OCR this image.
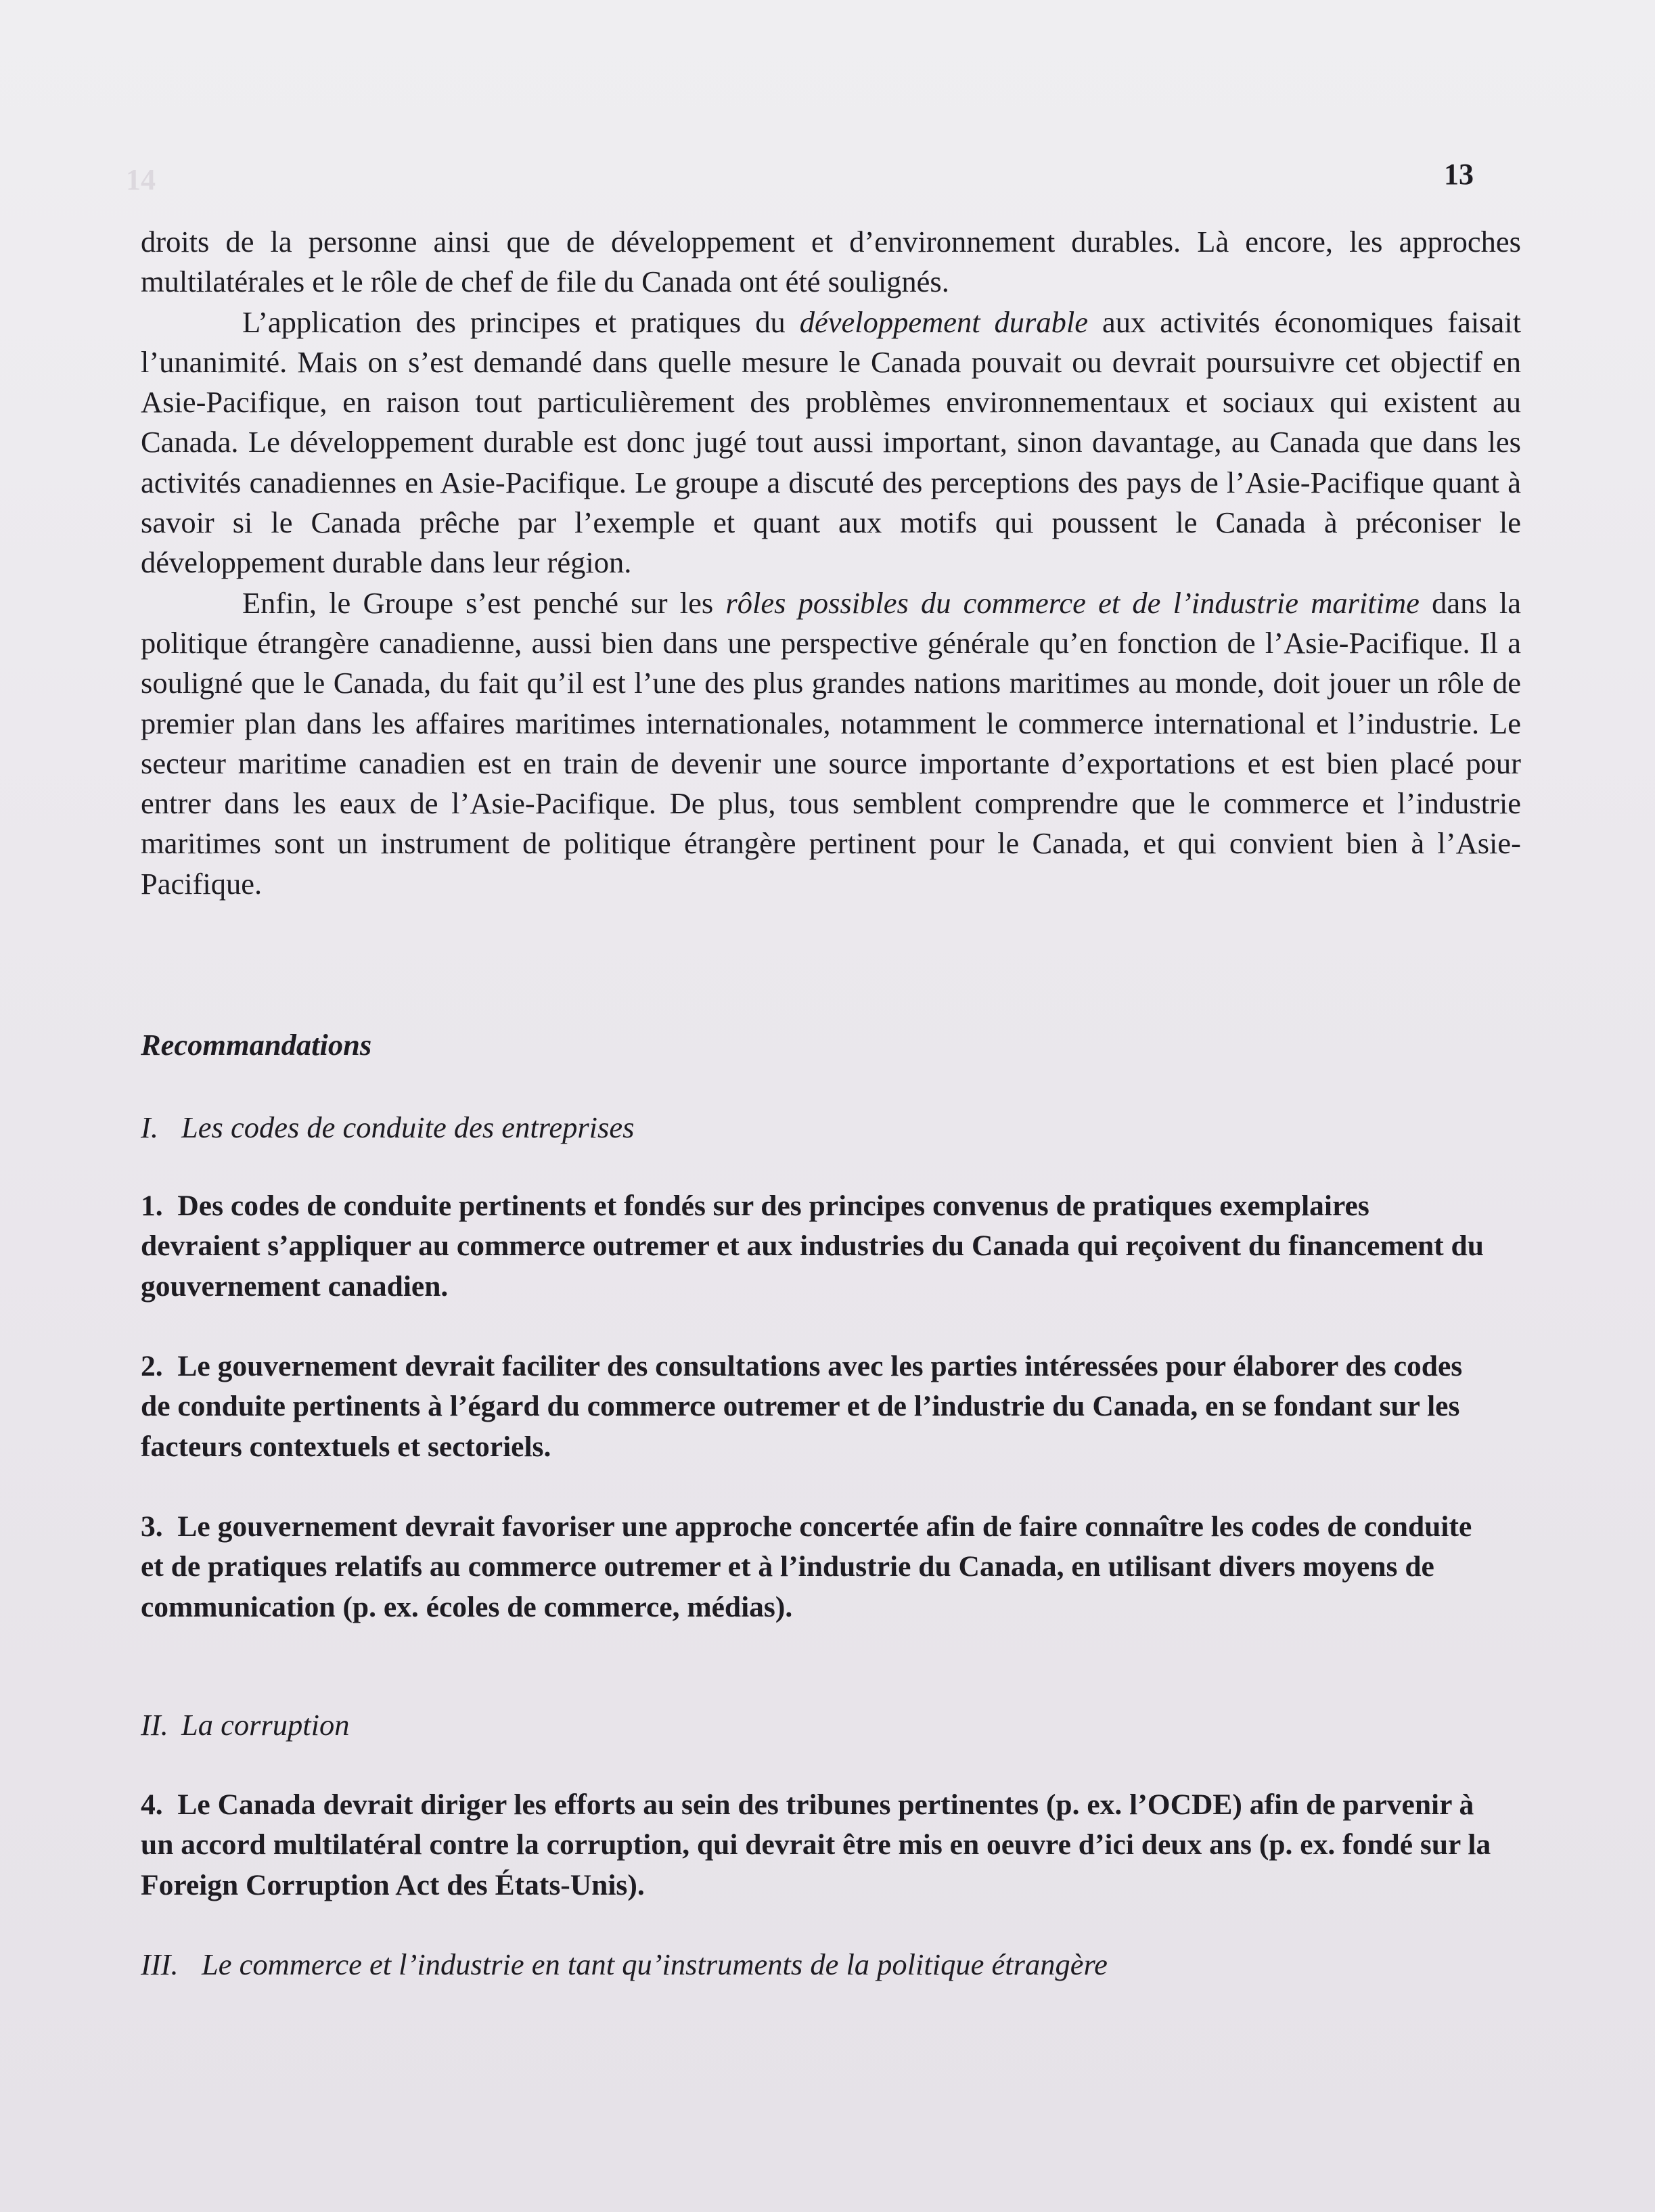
14	13

droits de la personne ainsi que de développement et d’environnement durables. Là encore, les approches multilatérales et le rôle de chef de file du Canada ont été soulignés.

L’application des principes et pratiques du développement durable aux activités économiques faisait l’unanimité. Mais on s’est demandé dans quelle mesure le Canada pouvait ou devrait poursuivre cet objectif en Asie-Pacifique, en raison tout particulièrement des problèmes environnementaux et sociaux qui existent au Canada. Le développement durable est donc jugé tout aussi important, sinon davantage, au Canada que dans les activités canadiennes en Asie-Pacifique. Le groupe a discuté des perceptions des pays de l’Asie-Pacifique quant à savoir si le Canada prêche par l’exemple et quant aux motifs qui poussent le Canada à préconiser le développement durable dans leur région.

Enfin, le Groupe s’est penché sur les rôles possibles du commerce et de l’industrie maritime dans la politique étrangère canadienne, aussi bien dans une perspective générale qu’en fonction de l’Asie-Pacifique. Il a souligné que le Canada, du fait qu’il est l’une des plus grandes nations maritimes au monde, doit jouer un rôle de premier plan dans les affaires maritimes internationales, notamment le commerce international et l’industrie. Le secteur maritime canadien est en train de devenir une source importante d’exportations et est bien placé pour entrer dans les eaux de l’Asie-Pacifique. De plus, tous semblent comprendre que le commerce et l’industrie maritimes sont un instrument de politique étrangère pertinent pour le Canada, et qui convient bien à l’Asie-Pacifique.

Recommandations
I. Les codes de conduite des entreprises
1. Des codes de conduite pertinents et fondés sur des principes convenus de pratiques exemplaires devraient s’appliquer au commerce outremer et aux industries du Canada qui reçoivent du financement du gouvernement canadien.
2. Le gouvernement devrait faciliter des consultations avec les parties intéressées pour élaborer des codes de conduite pertinents à l’égard du commerce outremer et de l’industrie du Canada, en se fondant sur les facteurs contextuels et sectoriels.
3. Le gouvernement devrait favoriser une approche concertée afin de faire connaître les codes de conduite et de pratiques relatifs au commerce outremer et à l’industrie du Canada, en utilisant divers moyens de communication (p. ex. écoles de commerce, médias).
II. La corruption
4. Le Canada devrait diriger les efforts au sein des tribunes pertinentes (p. ex. l’OCDE) afin de parvenir à un accord multilatéral contre la corruption, qui devrait être mis en oeuvre d’ici deux ans (p. ex. fondé sur la Foreign Corruption Act des États-Unis).
III. Le commerce et l’industrie en tant qu’instruments de la politique étrangère
